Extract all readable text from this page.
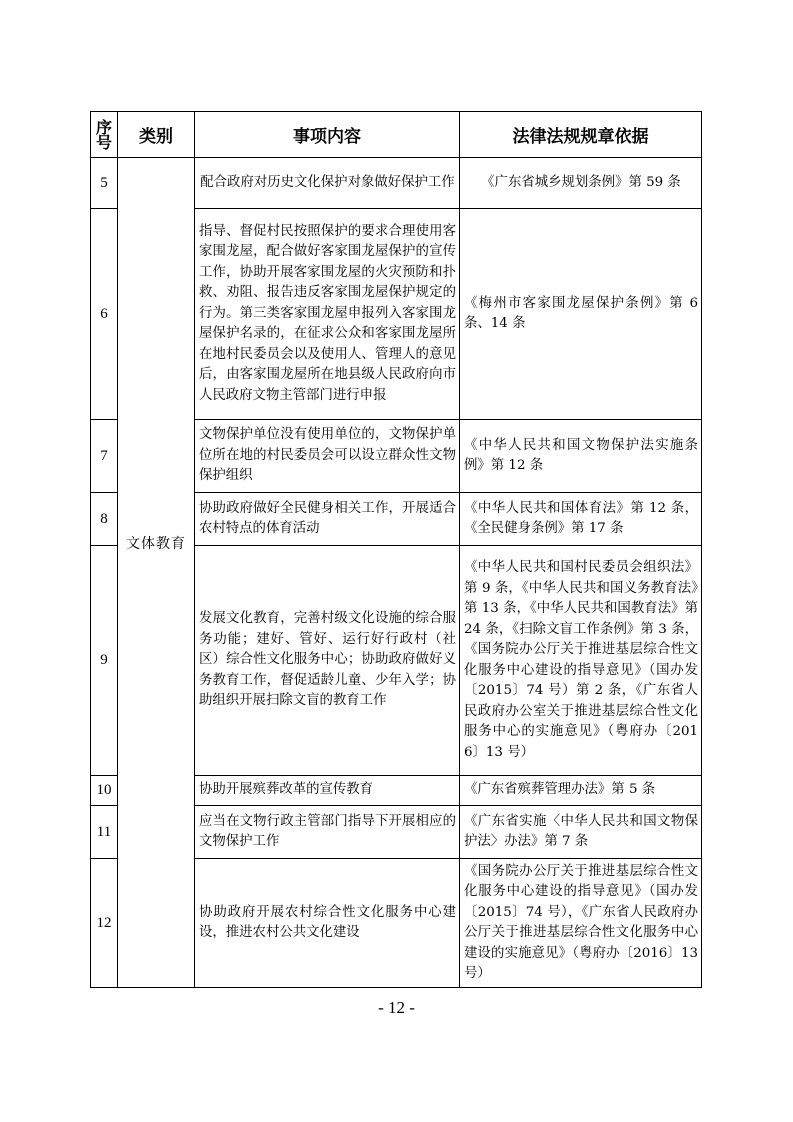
序号	类别	事项内容	法律法规规章依据
5	文体教育	配合政府对历史文化保护对象做好保护工作	《广东省城乡规划条例》第 59 条
6		指导、督促村民按照保护的要求合理使用客家围龙屋，配合做好客家围龙屋保护的宣传工作，协助开展客家围龙屋的火灾预防和扑救、劝阻、报告违反客家围龙屋保护规定的行为。第三类客家围龙屋申报列入客家围龙屋保护名录的，在征求公众和客家围龙屋所在地村民委员会以及使用人、管理人的意见后，由客家围龙屋所在地县级人民政府向市人民政府文物主管部门进行申报	《梅州市客家围龙屋保护条例》第 6 条、14 条
7		文物保护单位没有使用单位的，文物保护单位所在地的村民委员会可以设立群众性文物保护组织	《中华人民共和国文物保护法实施条例》第 12 条
8		协助政府做好全民健身相关工作，开展适合农村特点的体育活动	《中华人民共和国体育法》第 12 条，《全民健身条例》第 17 条
9		发展文化教育，完善村级文化设施的综合服务功能；建好、管好、运行好行政村（社区）综合性文化服务中心；协助政府做好义务教育工作，督促适龄儿童、少年入学；协助组织开展扫除文盲的教育工作	《中华人民共和国村民委员会组织法》第 9 条，《中华人民共和国义务教育法》第 13 条，《中华人民共和国教育法》第 24 条，《扫除文盲工作条例》第 3 条，《国务院办公厅关于推进基层综合性文化服务中心建设的指导意见》（国办发〔2015〕74 号）第 2 条，《广东省人民政府办公室关于推进基层综合性文化服务中心的实施意见》（粤府办〔2016〕13 号）
10		协助开展殡葬改革的宣传教育	《广东省殡葬管理办法》第 5 条
11		应当在文物行政主管部门指导下开展相应的文物保护工作	《广东省实施〈中华人民共和国文物保护法〉办法》第 7 条
12		协助政府开展农村综合性文化服务中心建设，推进农村公共文化建设	《国务院办公厅关于推进基层综合性文化服务中心建设的指导意见》（国办发〔2015〕74 号），《广东省人民政府办公厅关于推进基层综合性文化服务中心建设的实施意见》（粤府办〔2016〕13 号）
- 12 -
